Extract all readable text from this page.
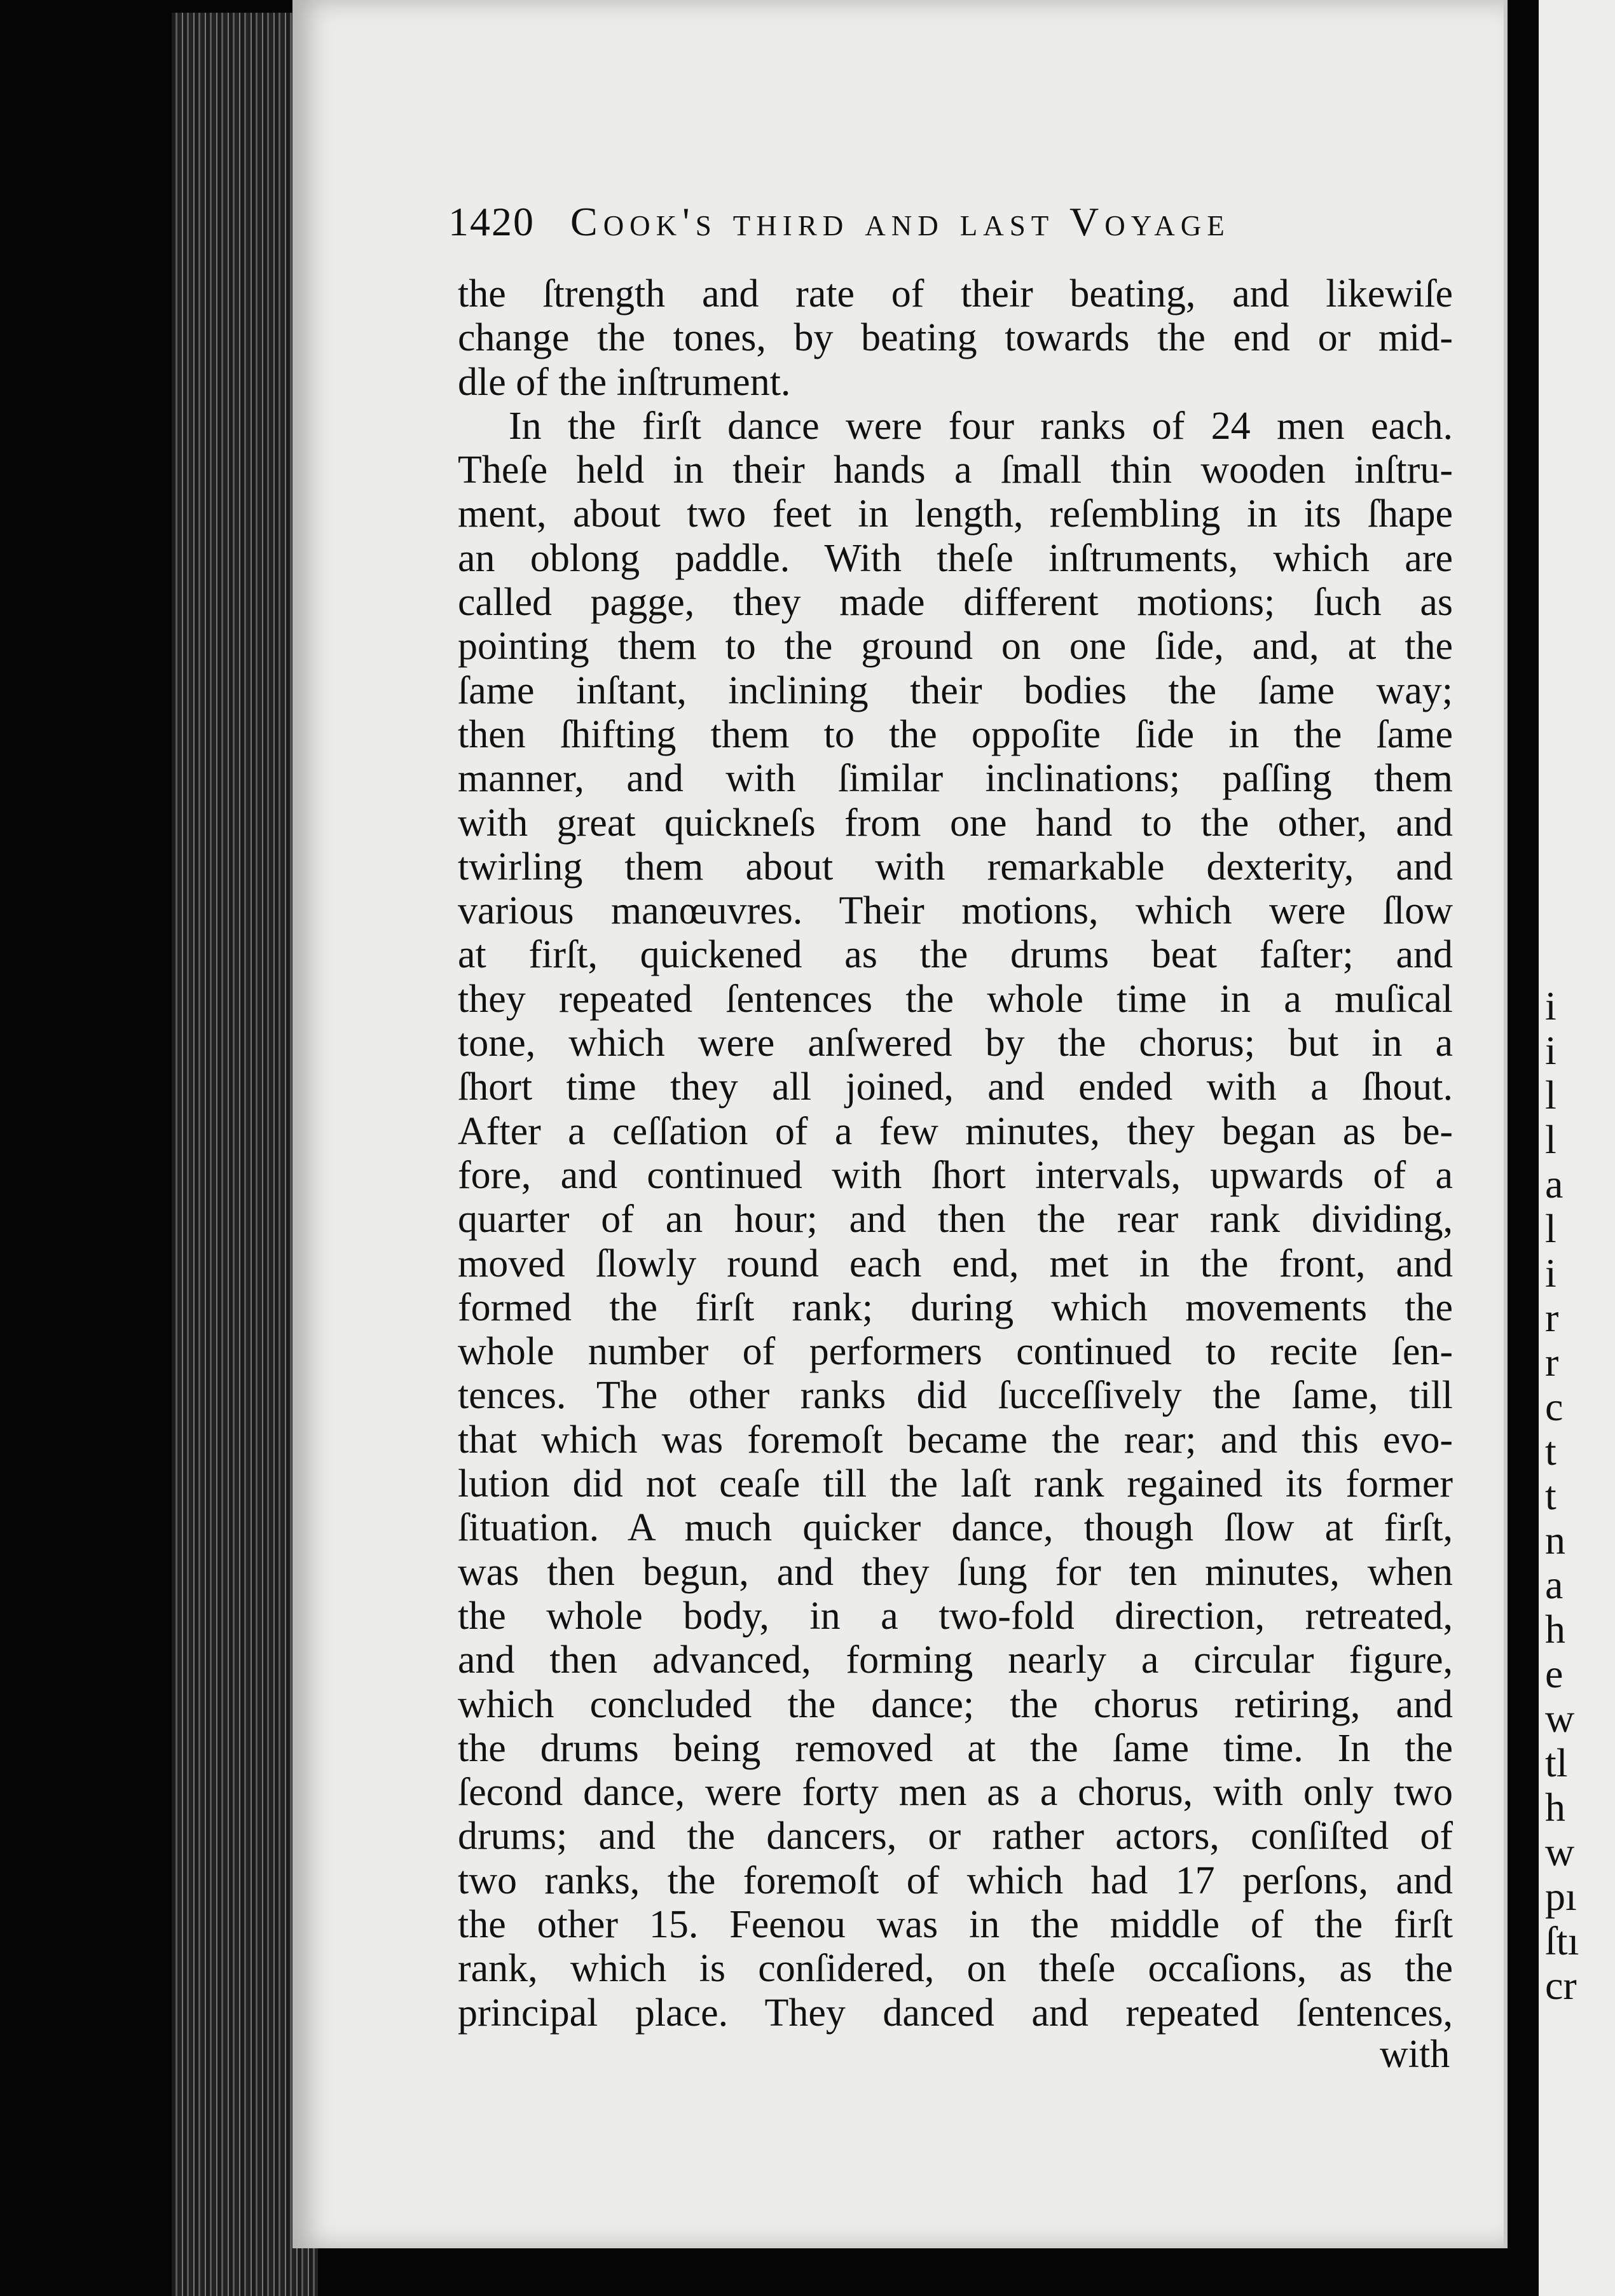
1420 Cook's third and last Voyage
the ſtrength and rate of their beating, and likewiſe
change the tones, by beating towards the end or mid-
dle of the inſtrument.
In the firſt dance were four ranks of 24 men each.
Theſe held in their hands a ſmall thin wooden inſtru-
ment, about two feet in length, reſembling in its ſhape
an oblong paddle. With theſe inſtruments, which are
called pagge, they made different motions; ſuch as
pointing them to the ground on one ſide, and, at the
ſame inſtant, inclining their bodies the ſame way;
then ſhifting them to the oppoſite ſide in the ſame
manner, and with ſimilar inclinations; paſſing them
with great quickneſs from one hand to the other, and
twirling them about with remarkable dexterity, and
various manœuvres. Their motions, which were ſlow
at firſt, quickened as the drums beat faſter; and
they repeated ſentences the whole time in a muſical
tone, which were anſwered by the chorus; but in a
ſhort time they all joined, and ended with a ſhout.
After a ceſſation of a few minutes, they began as be-
fore, and continued with ſhort intervals, upwards of a
quarter of an hour; and then the rear rank dividing,
moved ſlowly round each end, met in the front, and
formed the firſt rank; during which movements the
whole number of performers continued to recite ſen-
tences. The other ranks did ſucceſſively the ſame, till
that which was foremoſt became the rear; and this evo-
lution did not ceaſe till the laſt rank regained its former
ſituation. A much quicker dance, though ſlow at firſt,
was then begun, and they ſung for ten minutes, when
the whole body, in a two-fold direction, retreated,
and then advanced, forming nearly a circular figure,
which concluded the dance; the chorus retiring, and
the drums being removed at the ſame time. In the
ſecond dance, were forty men as a chorus, with only two
drums; and the dancers, or rather actors, conſiſted of
two ranks, the foremoſt of which had 17 perſons, and
the other 15. Feenou was in the middle of the firſt
rank, which is conſidered, on theſe occaſions, as the
principal place. They danced and repeated ſentences,
with
i
i
l
l
a
l
i
r
r
c
t
t
n
a
h
e
w
tl
h
w
pı
ſtı
cr
